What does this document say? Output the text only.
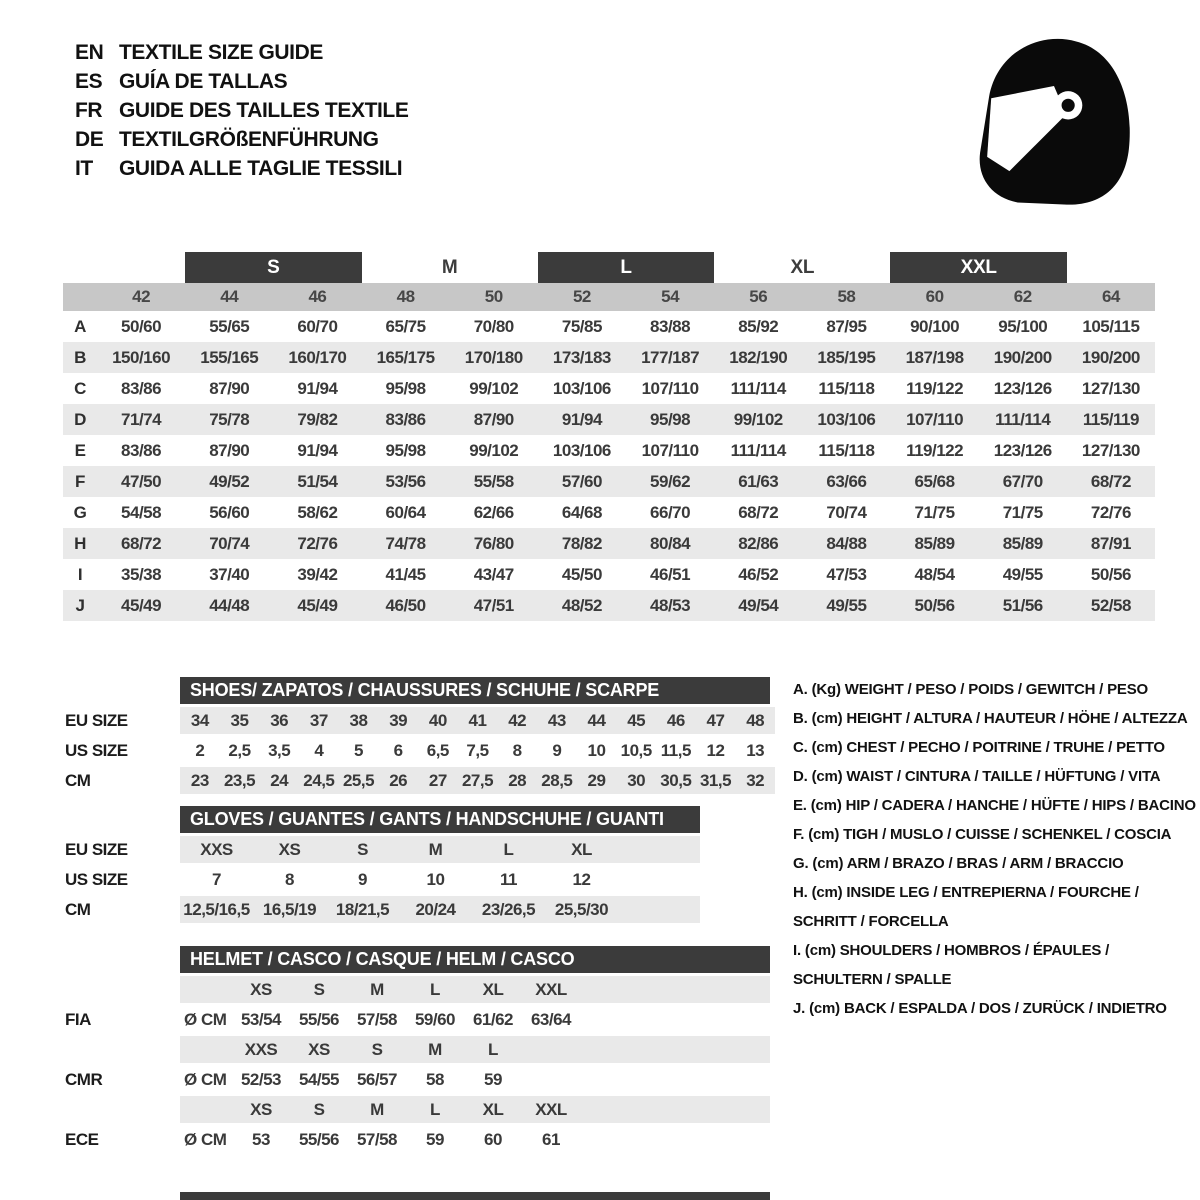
EN TEXTILE SIZE GUIDE
ES GUÍA DE TALLAS
FR GUIDE DES TAILLES TEXTILE
DE TEXTILGRÖßENFÜHRUNG
IT	GUIDA ALLE TAGLIE TESSILI
S	M	L	XL	XXL
42	44	46	48	50	52	54	56	58	60	62	64
A	50/60	55/65	60/70	65/75	70/80	75/85	83/88	85/92	87/95	90/100	95/100	105/115
B	150/160	155/165	160/170	165/175	170/180	173/183	177/187	182/190	185/195	187/198	190/200	190/200
C	83/86	87/90	91/94	95/98	99/102	103/106	107/110	111/114	115/118	119/122	123/126	127/130
D	71/74	75/78	79/82	83/86	87/90	91/94	95/98	99/102	103/106	107/110	111/114	115/119
E	83/86	87/90	91/94	95/98	99/102	103/106	107/110	111/114	115/118	119/122	123/126	127/130
F	47/50	49/52	51/54	53/56	55/58	57/60	59/62	61/63	63/66	65/68	67/70	68/72
G	54/58	56/60	58/62	60/64	62/66	64/68	66/70	68/72	70/74	71/75	71/75	72/76
H	68/72	70/74	72/76	74/78	76/80	78/82	80/84	82/86	84/88	85/89	85/89	87/91
I	35/38	37/40	39/42	41/45	43/47	45/50	46/51	46/52	47/53	48/54	49/55	50/56
J	45/49	44/48	45/49	46/50	47/51	48/52	48/53	49/54	49/55	50/56	51/56	52/58
SHOES/ ZAPATOS / CHAUSSURES / SCHUHE / SCARPE
EU SIZE	34	35	36	37	38	39	40	41	42	43	44	45	46	47	48
US SIZE	2	2,5	3,5	4	5	6	6,5	7,5	8	9	10 10,5 11,5 12	13
CM	23 23,5 24 24,5 25,5 26	27 27,5 28 28,5 29	30 30,5 31,5 32
GLOVES / GUANTES / GANTS / HANDSCHUHE / GUANTI
EU SIZE	XXS	XS	S	M	L	XL
US SIZE	7	8	9	10	11	12
CM	12,5/16,5 16,5/19	18/21,5	20/24	23/26,5	25,5/30
HELMET / CASCO / CASQUE / HELM / CASCO
XS	S	M	L	XL	XXL
FIA	Ø CM 53/54	55/56	57/58	59/60	61/62	63/64
XXS	XS	S	M	L
CMR	Ø CM 52/53	54/55	56/57	58	59
XS	S	M	L	XL	XXL
ECE	Ø CM	53	55/56	57/58	59	60	61
A. (Kg) WEIGHT / PESO / POIDS / GEWITCH / PESO
B. (cm) HEIGHT / ALTURA / HAUTEUR / HÖHE / ALTEZZA
C. (cm) CHEST / PECHO / POITRINE / TRUHE / PETTO
D. (cm) WAIST / CINTURA / TAILLE / HÜFTUNG / VITA
E. (cm) HIP / CADERA / HANCHE / HÜFTE / HIPS / BACINO
F. (cm) TIGH / MUSLO / CUISSE / SCHENKEL / COSCIA
G. (cm) ARM / BRAZO / BRAS / ARM / BRACCIO
H. (cm) INSIDE LEG / ENTREPIERNA / FOURCHE /
SCHRITT / FORCELLA
I. (cm) SHOULDERS / HOMBROS / ÉPAULES /
SCHULTERN / SPALLE
J. (cm) BACK / ESPALDA / DOS / ZURÜCK / INDIETRO
